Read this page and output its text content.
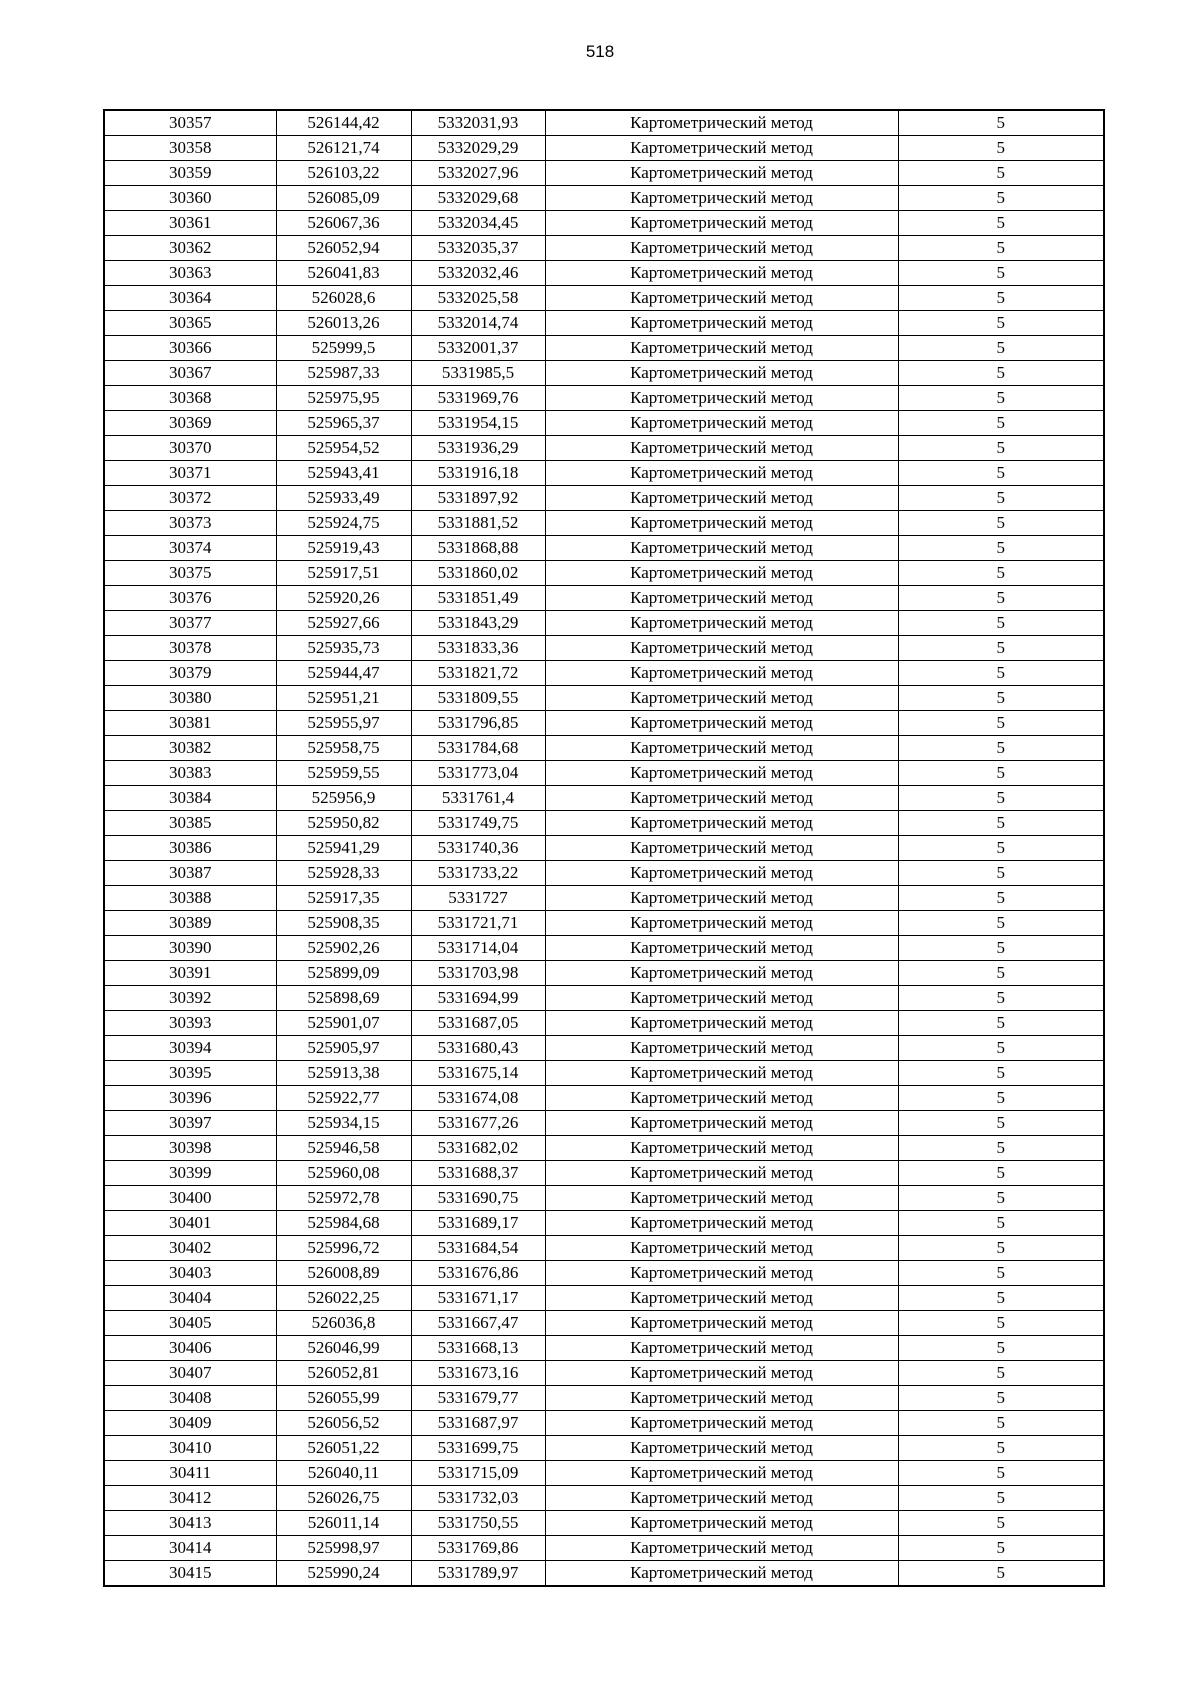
518
30357	526144,42	5332031,93	Картометрический метод	5
30358	526121,74	5332029,29	Картометрический метод	5
30359	526103,22	5332027,96	Картометрический метод	5
30360	526085,09	5332029,68	Картометрический метод	5
30361	526067,36	5332034,45	Картометрический метод	5
30362	526052,94	5332035,37	Картометрический метод	5
30363	526041,83	5332032,46	Картометрический метод	5
30364	526028,6	5332025,58	Картометрический метод	5
30365	526013,26	5332014,74	Картометрический метод	5
30366	525999,5	5332001,37	Картометрический метод	5
30367	525987,33	5331985,5	Картометрический метод	5
30368	525975,95	5331969,76	Картометрический метод	5
30369	525965,37	5331954,15	Картометрический метод	5
30370	525954,52	5331936,29	Картометрический метод	5
30371	525943,41	5331916,18	Картометрический метод	5
30372	525933,49	5331897,92	Картометрический метод	5
30373	525924,75	5331881,52	Картометрический метод	5
30374	525919,43	5331868,88	Картометрический метод	5
30375	525917,51	5331860,02	Картометрический метод	5
30376	525920,26	5331851,49	Картометрический метод	5
30377	525927,66	5331843,29	Картометрический метод	5
30378	525935,73	5331833,36	Картометрический метод	5
30379	525944,47	5331821,72	Картометрический метод	5
30380	525951,21	5331809,55	Картометрический метод	5
30381	525955,97	5331796,85	Картометрический метод	5
30382	525958,75	5331784,68	Картометрический метод	5
30383	525959,55	5331773,04	Картометрический метод	5
30384	525956,9	5331761,4	Картометрический метод	5
30385	525950,82	5331749,75	Картометрический метод	5
30386	525941,29	5331740,36	Картометрический метод	5
30387	525928,33	5331733,22	Картометрический метод	5
30388	525917,35	5331727	Картометрический метод	5
30389	525908,35	5331721,71	Картометрический метод	5
30390	525902,26	5331714,04	Картометрический метод	5
30391	525899,09	5331703,98	Картометрический метод	5
30392	525898,69	5331694,99	Картометрический метод	5
30393	525901,07	5331687,05	Картометрический метод	5
30394	525905,97	5331680,43	Картометрический метод	5
30395	525913,38	5331675,14	Картометрический метод	5
30396	525922,77	5331674,08	Картометрический метод	5
30397	525934,15	5331677,26	Картометрический метод	5
30398	525946,58	5331682,02	Картометрический метод	5
30399	525960,08	5331688,37	Картометрический метод	5
30400	525972,78	5331690,75	Картометрический метод	5
30401	525984,68	5331689,17	Картометрический метод	5
30402	525996,72	5331684,54	Картометрический метод	5
30403	526008,89	5331676,86	Картометрический метод	5
30404	526022,25	5331671,17	Картометрический метод	5
30405	526036,8	5331667,47	Картометрический метод	5
30406	526046,99	5331668,13	Картометрический метод	5
30407	526052,81	5331673,16	Картометрический метод	5
30408	526055,99	5331679,77	Картометрический метод	5
30409	526056,52	5331687,97	Картометрический метод	5
30410	526051,22	5331699,75	Картометрический метод	5
30411	526040,11	5331715,09	Картометрический метод	5
30412	526026,75	5331732,03	Картометрический метод	5
30413	526011,14	5331750,55	Картометрический метод	5
30414	525998,97	5331769,86	Картометрический метод	5
30415	525990,24	5331789,97	Картометрический метод	5
